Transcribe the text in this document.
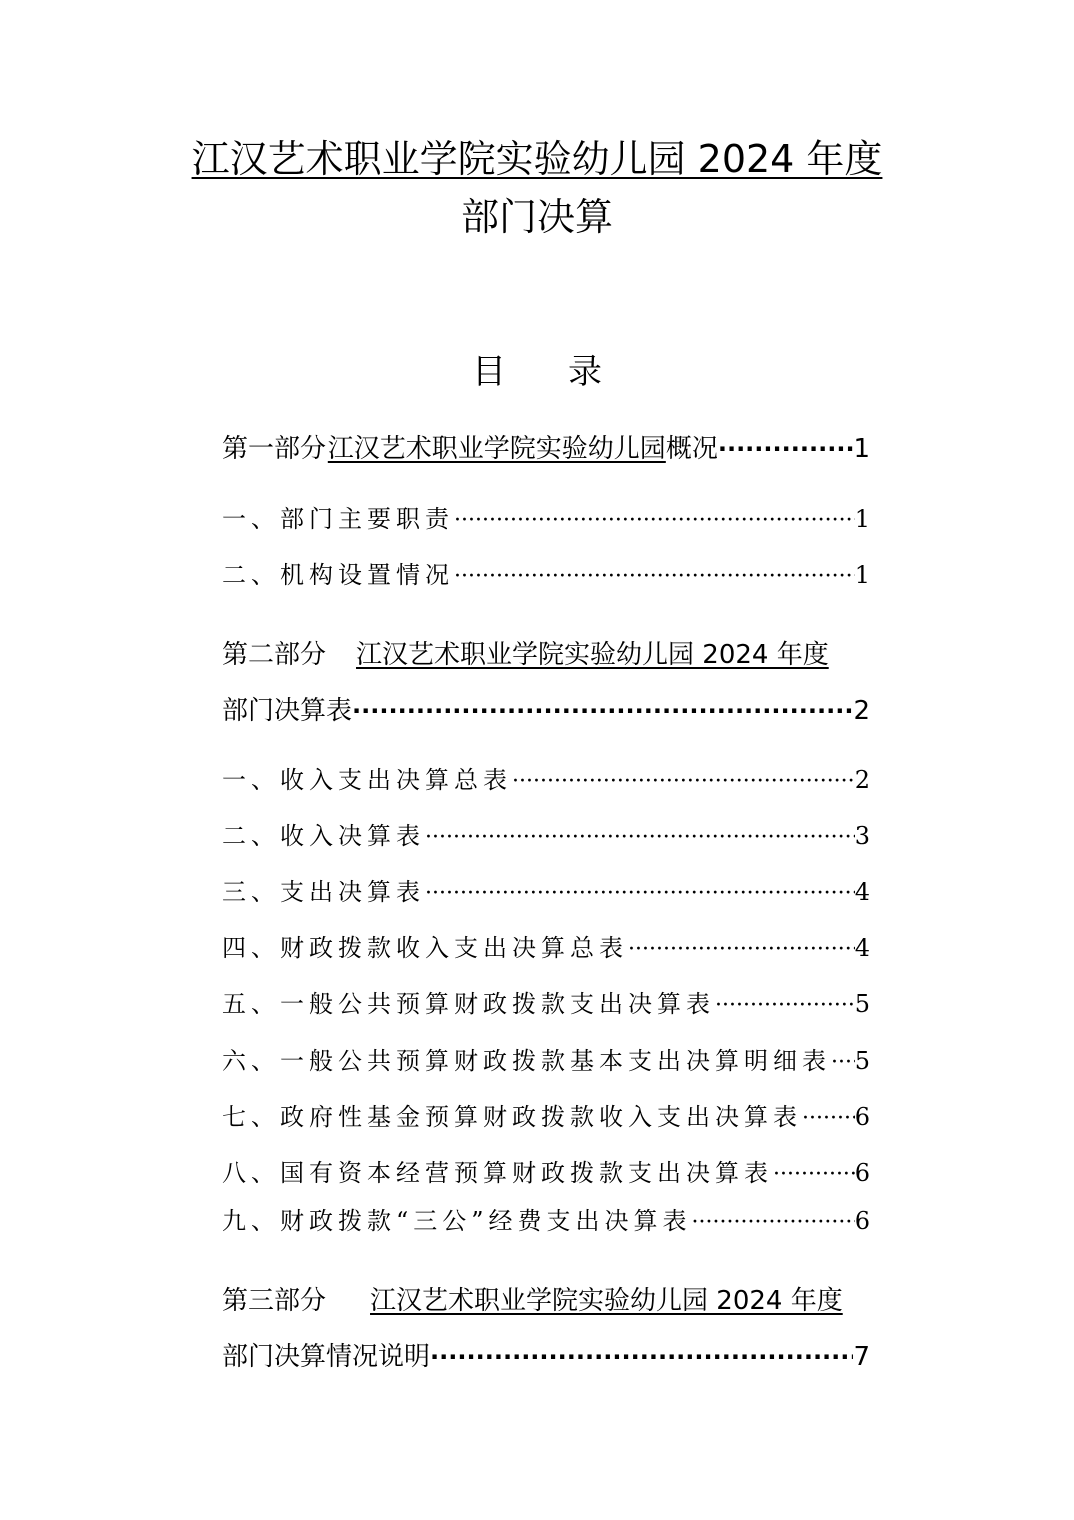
江汉艺术职业学院实验幼儿园 2024 年度
部门决算
目录
第一部分 江汉艺术职业学院实验幼儿园 概况 ·····	1
一、部门主要职责 ·····	1
二、机构设置情况 ·····	1
第二部分 江汉艺术职业学院实验幼儿园 2024 年度
部门决算表 ·····	2
一、收入支出决算总表 ·····	2
二、收入决算表 ·····	3
三、支出决算表 ·····	4
四、财政拨款收入支出决算总表 ·····	4
五、一般公共预算财政拨款支出决算表 ·····	5
六、一般公共预算财政拨款基本支出决算明细表 ····· 5
七、政府性基金预算财政拨款收入支出决算表 ····· 6
八、国有资本经营预算财政拨款支出决算表 ·····	6
九、财政拨款“三公”经费支出决算表 ·····	6
第三部分 江汉艺术职业学院实验幼儿园 2024 年度
部门决算情况说明 ·····	7
